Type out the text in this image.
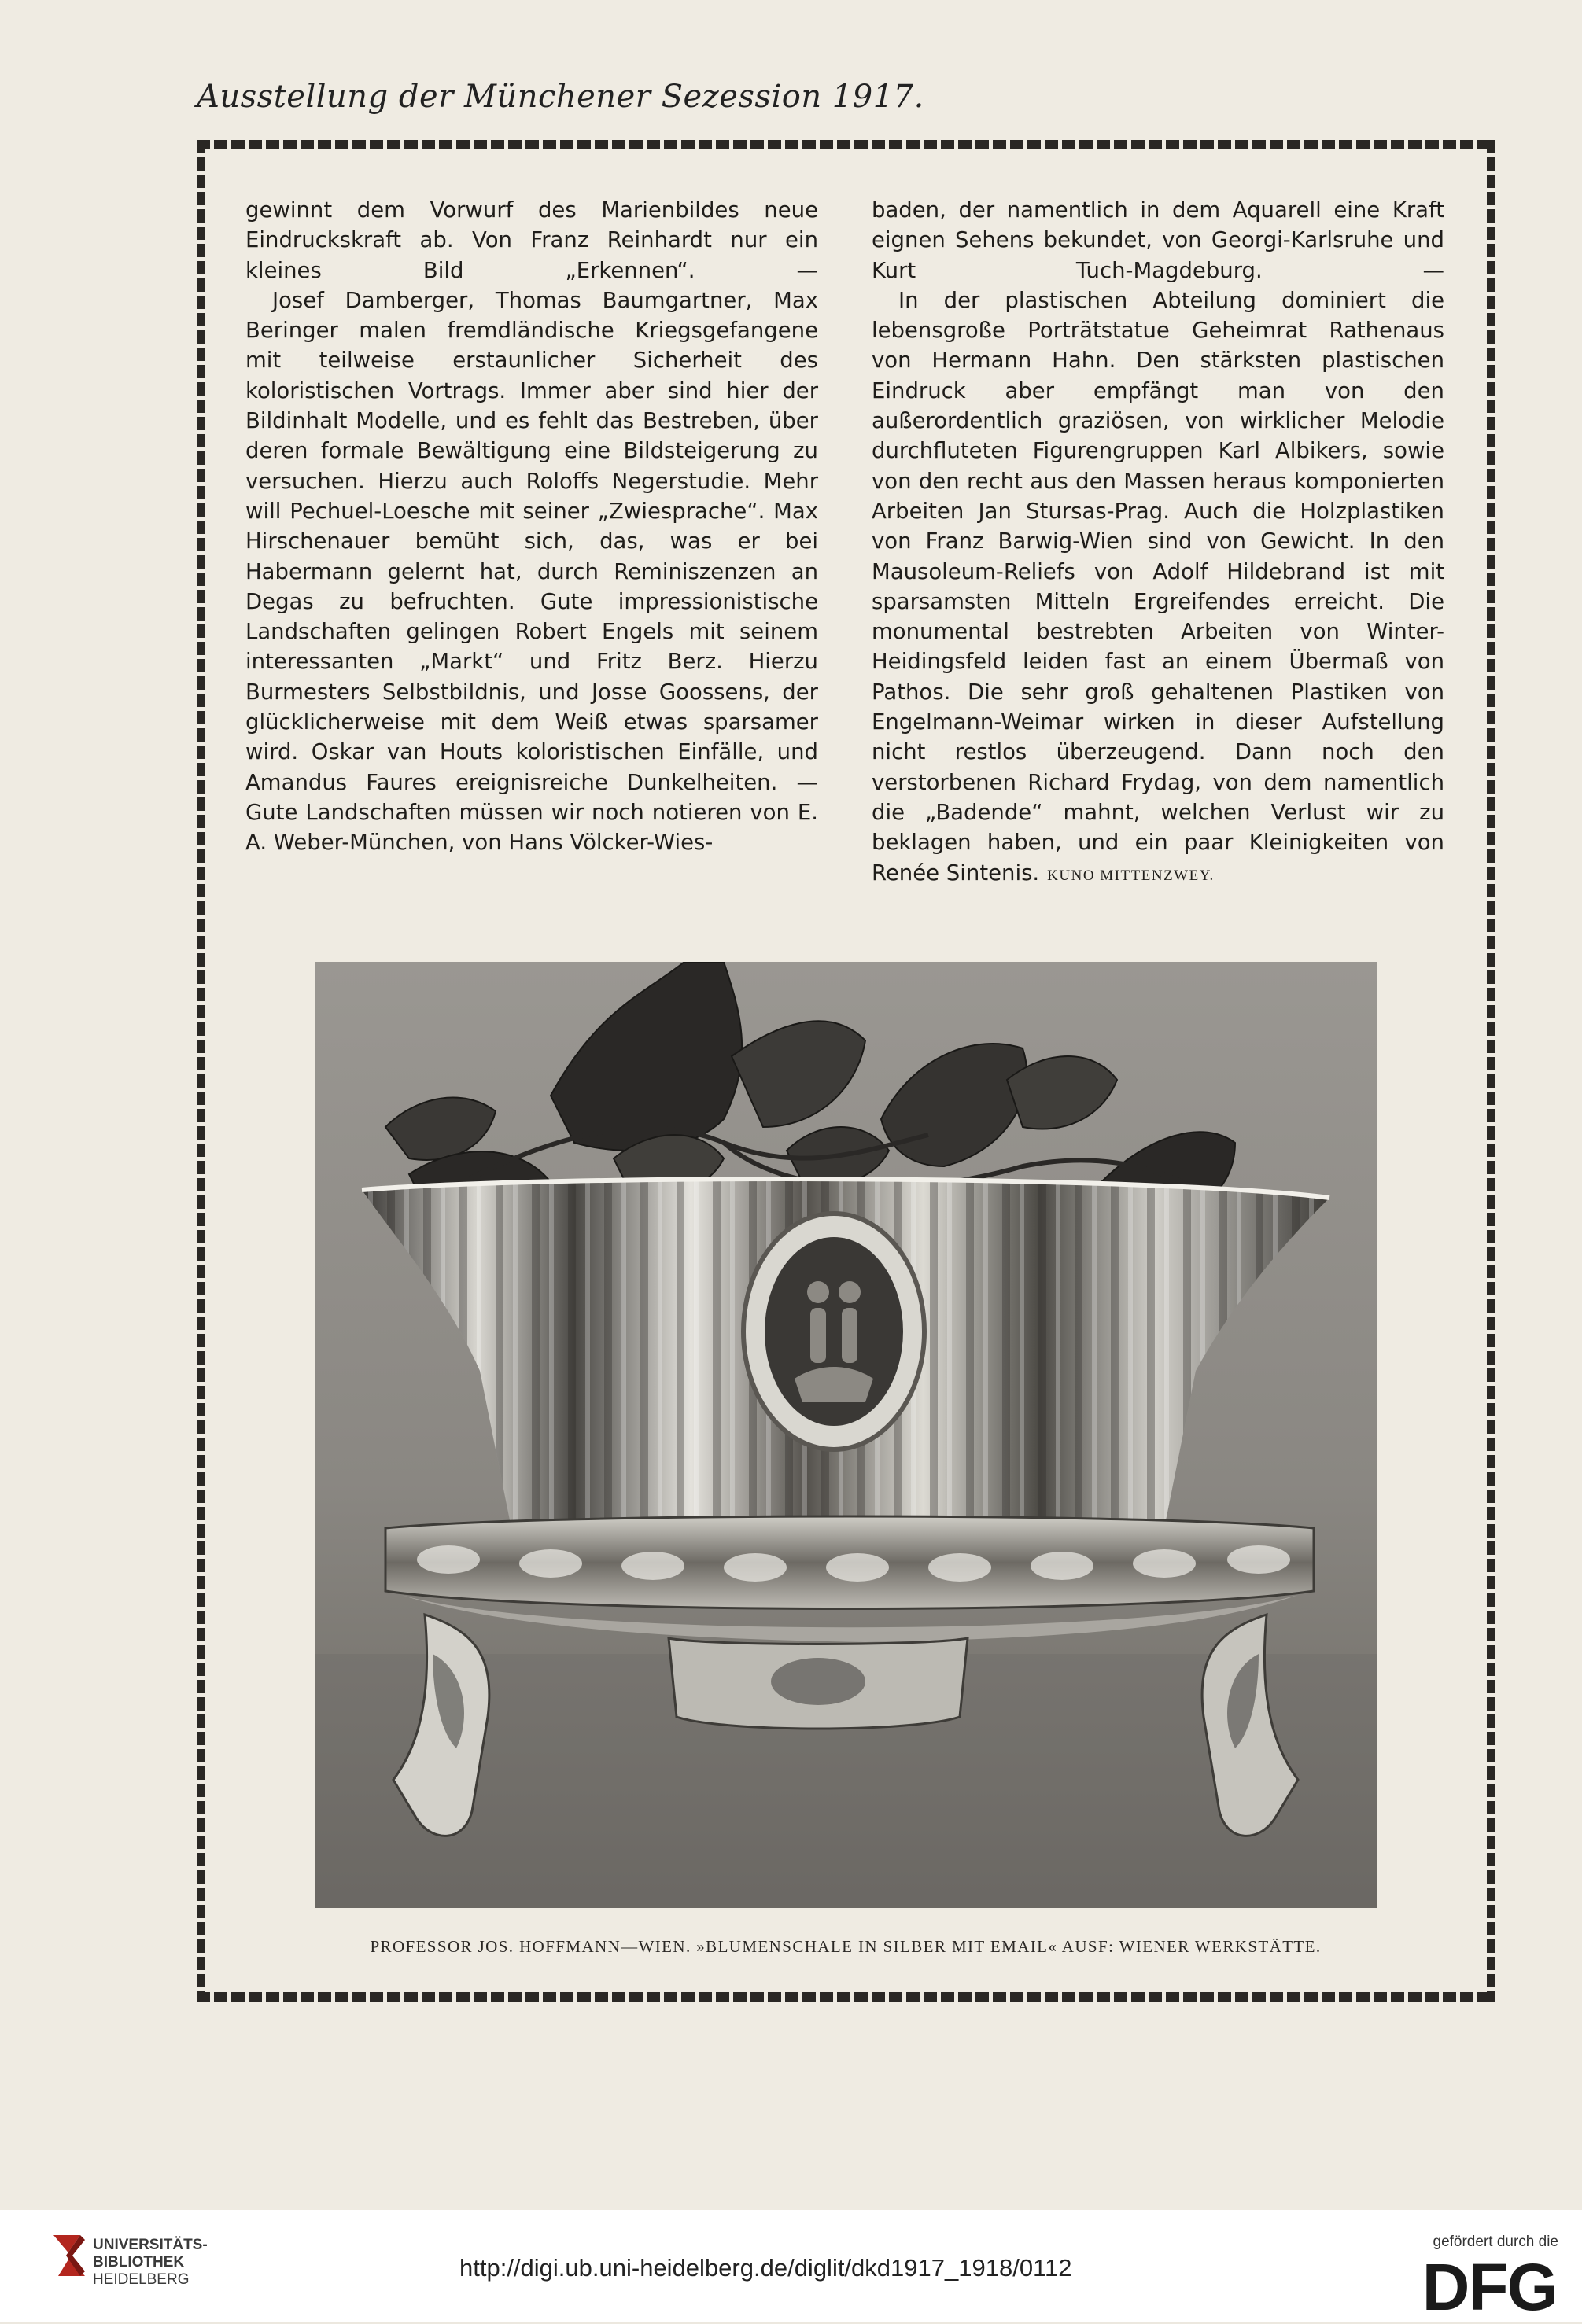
Ausstellung der Münchener Sezession 1917.

gewinnt dem Vorwurf des Marienbildes neue Eindruckskraft ab. Von Franz Reinhardt nur ein kleines Bild „Erkennen“. —

Josef Damberger, Thomas Baumgartner, Max Beringer malen fremdländische Kriegsgefangene mit teilweise erstaunlicher Sicherheit des koloristischen Vortrags. Immer aber sind hier der Bildinhalt Modelle, und es fehlt das Bestreben, über deren formale Bewältigung eine Bildsteigerung zu versuchen. Hierzu auch Roloffs Negerstudie. Mehr will Pechuel-Loesche mit seiner „Zwiesprache“. Max Hirschenauer bemüht sich, das, was er bei Habermann gelernt hat, durch Reminiszenzen an Degas zu befruchten. Gute impressionistische Landschaften gelingen Robert Engels mit seinem interessanten „Markt“ und Fritz Berz. Hierzu Burmesters Selbstbildnis, und Josse Goossens, der glücklicherweise mit dem Weiß etwas sparsamer wird. Oskar van Houts koloristischen Einfälle, und Amandus Faures ereignisreiche Dunkelheiten. — Gute Landschaften müssen wir noch notieren von E. A. Weber-München, von Hans Völcker-Wies-

baden, der namentlich in dem Aquarell eine Kraft eignen Sehens bekundet, von Georgi-Karlsruhe und Kurt Tuch-Magdeburg. —

In der plastischen Abteilung dominiert die lebensgroße Porträtstatue Geheimrat Rathenaus von Hermann Hahn. Den stärksten plastischen Eindruck aber empfängt man von den außerordentlich graziösen, von wirklicher Melodie durchfluteten Figurengruppen Karl Albikers, sowie von den recht aus den Massen heraus komponierten Arbeiten Jan Stursas-Prag. Auch die Holzplastiken von Franz Barwig-Wien sind von Gewicht. In den Mausoleum-Reliefs von Adolf Hildebrand ist mit sparsamsten Mitteln Ergreifendes erreicht. Die monumental bestrebten Arbeiten von Winter-Heidingsfeld leiden fast an einem Übermaß von Pathos. Die sehr groß gehaltenen Plastiken von Engelmann-Weimar wirken in dieser Aufstellung nicht restlos überzeugend. Dann noch den verstorbenen Richard Frydag, von dem namentlich die „Badende“ mahnt, welchen Verlust wir zu beklagen haben, und ein paar Kleinigkeiten von Renée Sintenis. KUNO MITTENZWEY.

PROFESSOR JOS. HOFFMANN—WIEN. »BLUMENSCHALE IN SILBER MIT EMAIL« AUSF: WIENER WERKSTÄTTE.
UNIVERSITÄTS-
BIBLIOTHEK
HEIDELBERG	http://digi.ub.uni-heidelberg.de/diglit/dkd1917_1918/0112
gefördert durch die
DFG
